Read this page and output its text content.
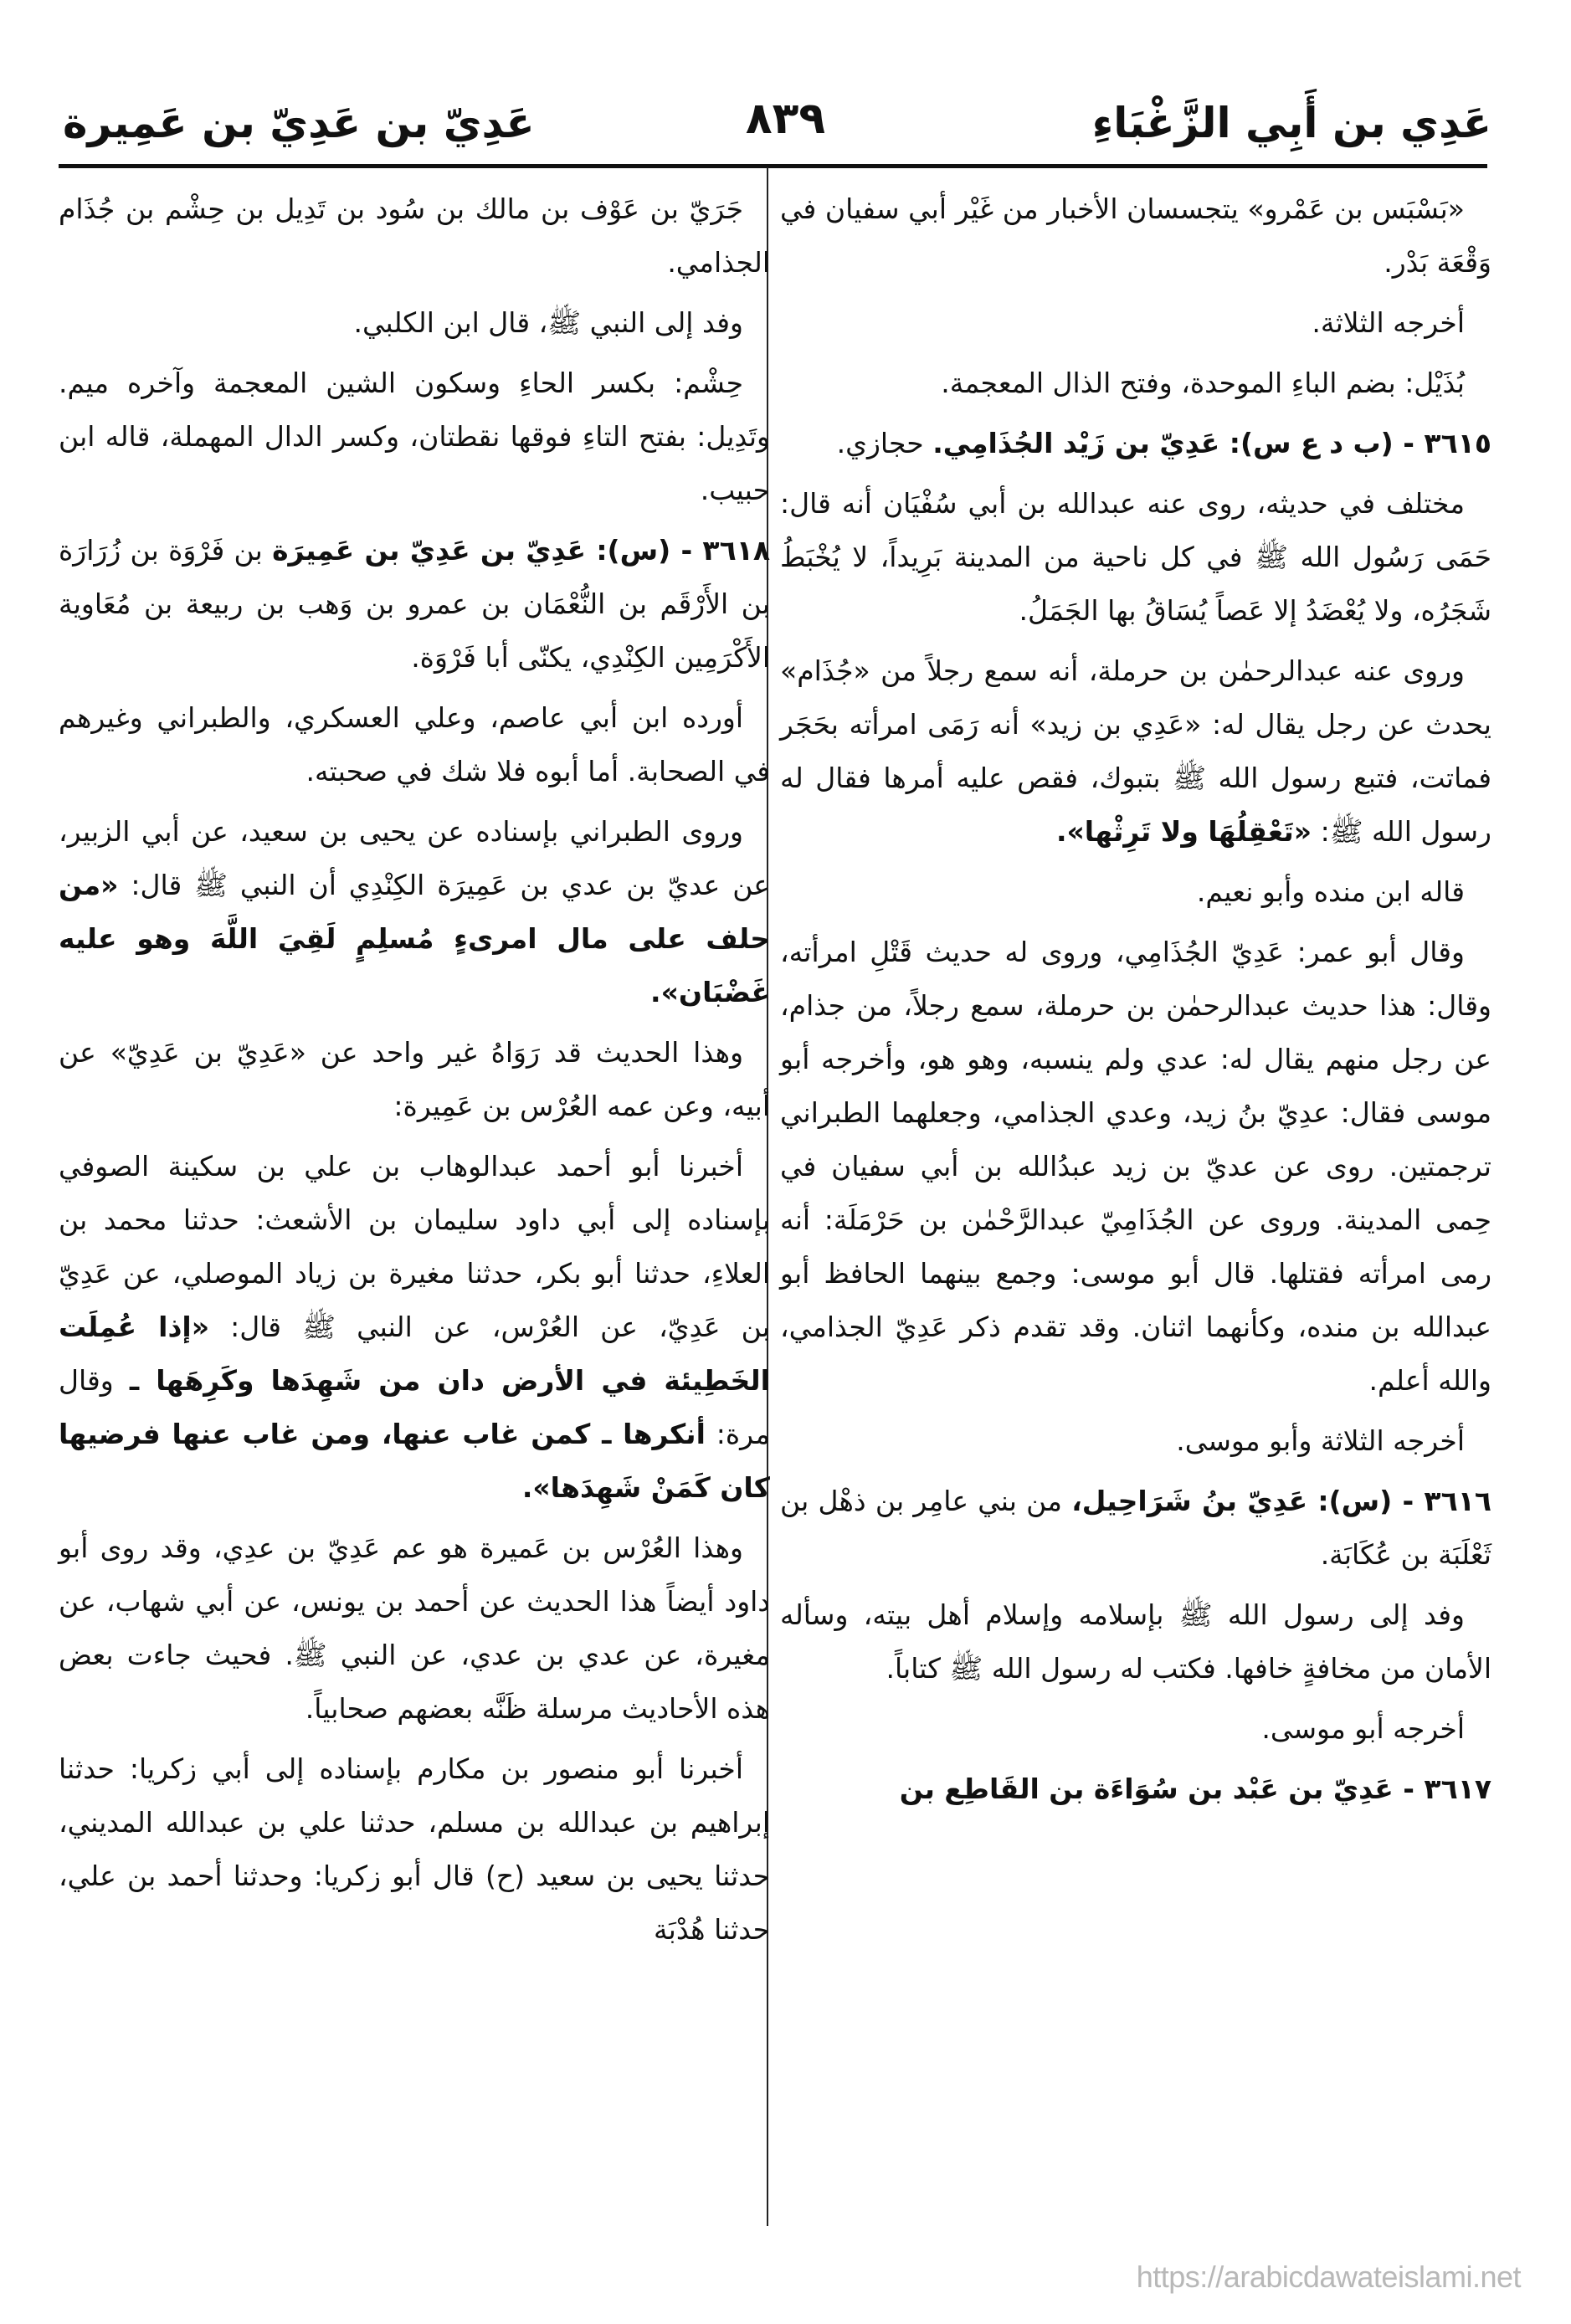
عَدِي بن أَبِي الزَّغْبَاءِ
٨٣٩
عَدِيّ بن عَدِيّ بن عَمِيرة

«بَسْبَس بن عَمْرو» يتجسسان الأخبار من غَيْر أبي سفيان في وَقْعَة بَدْر.

أخرجه الثلاثة.

بُذَيْل: بضم الباءِ الموحدة، وفتح الذال المعجمة.

٣٦١٥ - (ب د ع س): عَدِيّ بن زَيْد الجُذَامِي. حجازي.

مختلف في حديثه، روى عنه عبدالله بن أبي سُفْيَان أنه قال: حَمَى رَسُول الله ﷺ في كل ناحية من المدينة بَرِيداً، لا يُخْبَطُ شَجَرُه، ولا يُعْضَدُ إلا عَصاً يُسَاقُ بها الجَمَلُ.

وروى عنه عبدالرحمٰن بن حرملة، أنه سمع رجلاً من «جُذَام» يحدث عن رجل يقال له: «عَدِي بن زيد» أنه رَمَى امرأته بحَجَر فماتت، فتبع رسول الله ﷺ بتبوك، فقص عليه أمرها فقال له رسول الله ﷺ: «تَعْقِلُهَا ولا تَرِثْها».

قاله ابن منده وأبو نعيم.

وقال أبو عمر: عَدِيّ الجُذَامِي، وروى له حديث قَتْلِ امرأته، وقال: هذا حديث عبدالرحمٰن بن حرملة، سمع رجلاً، من جذام، عن رجل منهم يقال له: عدي ولم ينسبه، وهو هو، وأخرجه أبو موسى فقال: عدِيّ بنُ زيد، وعدي الجذامي، وجعلهما الطبراني ترجمتين. روى عن عديّ بن زيد عبدُالله بن أبي سفيان في حِمى المدينة. وروى عن الجُذَامِيّ عبدالرَّحْمٰن بن حَرْمَلَة: أنه رمى امرأته فقتلها. قال أبو موسى: وجمع بينهما الحافظ أبو عبدالله بن منده، وكأنهما اثنان. وقد تقدم ذكر عَدِيّ الجذامي، والله أعلم.

أخرجه الثلاثة وأبو موسى.

٣٦١٦ - (س): عَدِيّ بنُ شَرَاحِيل، من بني عامِر بن ذهْل بن ثَعْلَبَة بن عُكَابَة.

وفد إلى رسول الله ﷺ بإسلامه وإسلام أهل بيته، وسأله الأمان من مخافةٍ خافها. فكتب له رسول الله ﷺ كتاباً.

أخرجه أبو موسى.

٣٦١٧ - عَدِيّ بن عَبْد بن سُوَاءَة بن القَاطِع بن

جَرَيّ بن عَوْف بن مالك بن سُود بن تَدِيل بن حِشْم بن جُذَام الجذامي.

وفد إلى النبي ﷺ، قال ابن الكلبي.

حِشْم: بكسر الحاءِ وسكون الشين المعجمة وآخره ميم. وتَدِيل: بفتح التاءِ فوقها نقطتان، وكسر الدال المهملة، قاله ابن حبيب.

٣٦١٨ - (س): عَدِيّ بن عَدِيّ بن عَمِيرَة بن فَرْوَة بن زُرَارَة بن الأَرْقَم بن النُّعْمَان بن عمرو بن وَهب بن ربيعة بن مُعَاوية الأَكْرَمِين الكِنْدِي، يكنّى أبا فَرْوَة.

أورده ابن أبي عاصم، وعلي العسكري، والطبراني وغيرهم في الصحابة. أما أبوه فلا شك في صحبته.

وروى الطبراني بإسناده عن يحيى بن سعيد، عن أبي الزبير، عن عديّ بن عدي بن عَمِيرَة الكِنْدِي أن النبي ﷺ قال: «من حلف على مال امرىءٍ مُسلِمٍ لَقِيَ اللَّهَ وهو عليه غَضْبَان».

وهذا الحديث قد رَوَاهُ غير واحد عن «عَدِيّ بن عَدِيّ» عن أبيه، وعن عمه العُرْس بن عَمِيرة:

أخبرنا أبو أحمد عبدالوهاب بن علي بن سكينة الصوفي بإسناده إلى أبي داود سليمان بن الأشعث: حدثنا محمد بن العلاءِ، حدثنا أبو بكر، حدثنا مغيرة بن زياد الموصلي، عن عَدِيّ بن عَدِيّ، عن العُرْس، عن النبي ﷺ قال: «إذا عُمِلَت الخَطِيئة في الأرض دان من شَهِدَها وكَرِهَها ـ وقال مرة: أنكرها ـ كمن غاب عنها، ومن غاب عنها فرضيها كان كَمَنْ شَهِدَها».

وهذا العُرْس بن عَميرة هو عم عَدِيّ بن عدِي، وقد روى أبو داود أيضاً هذا الحديث عن أحمد بن يونس، عن أبي شهاب، عن مغيرة، عن عدي بن عدي، عن النبي ﷺ. فحيث جاءت بعض هذه الأحاديث مرسلة ظَنَّه بعضهم صحابياً.

أخبرنا أبو منصور بن مكارم بإسناده إلى أبي زكريا: حدثنا إبراهيم بن عبدالله بن مسلم، حدثنا علي بن عبدالله المديني، حدثنا يحيى بن سعيد (ح) قال أبو زكريا: وحدثنا أحمد بن علي، حدثنا هُدْبَة

https://arabicdawateislami.net
